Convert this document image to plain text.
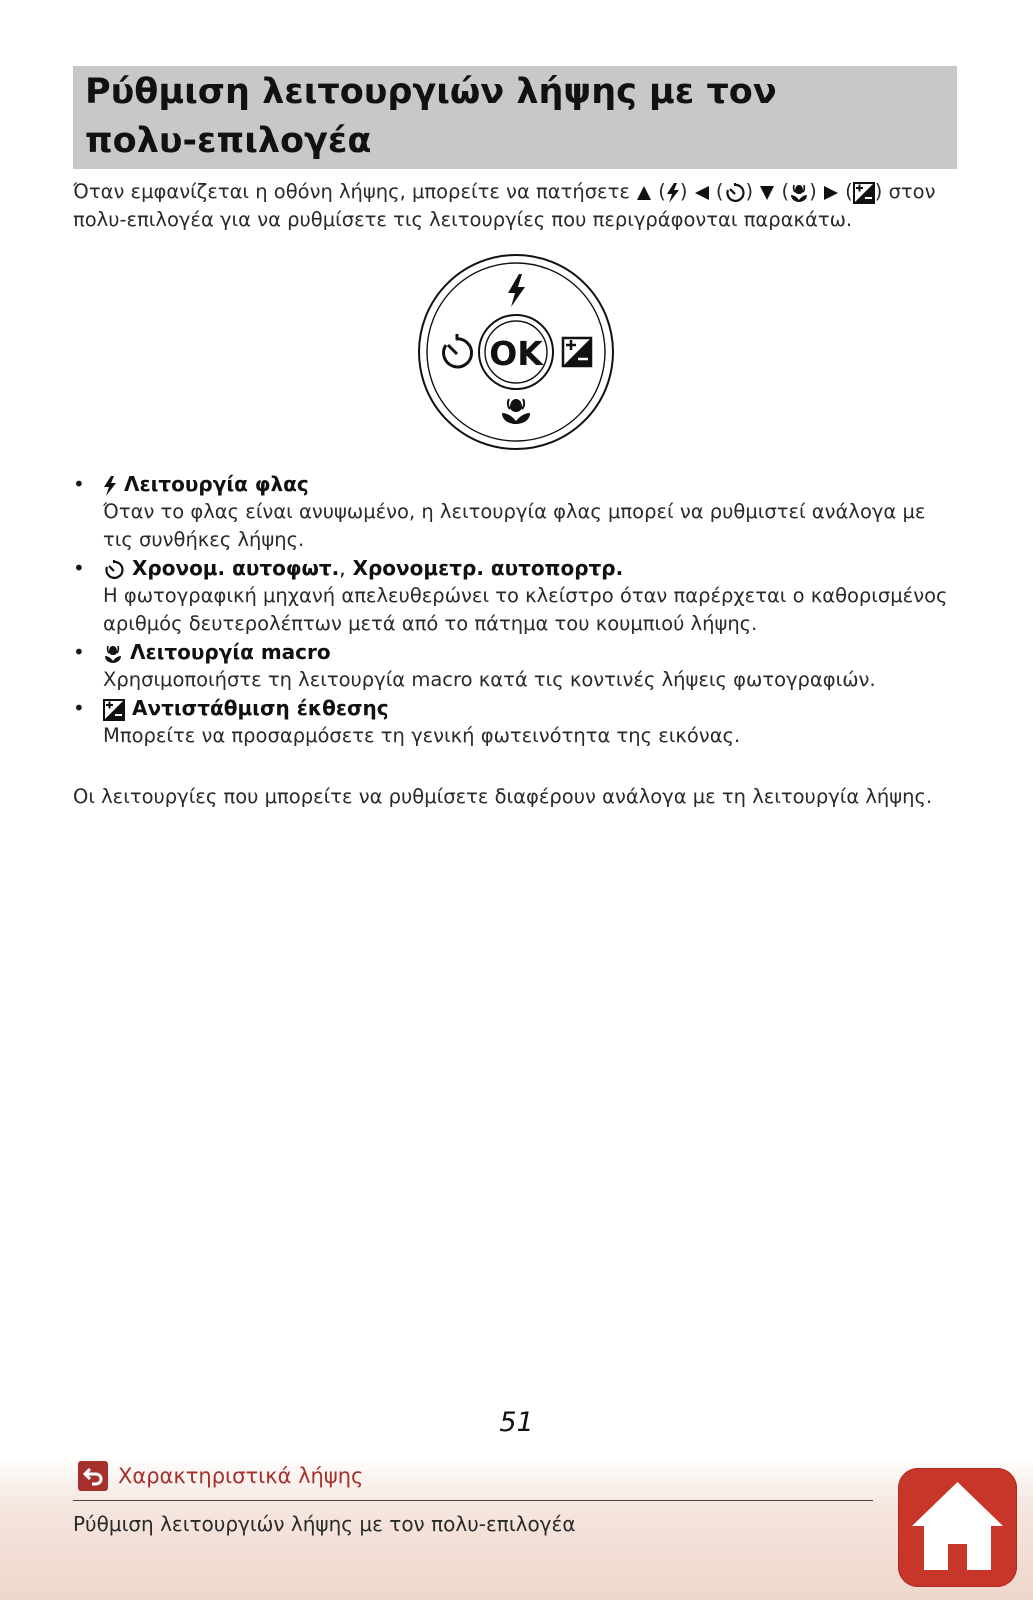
Ρύθμιση λειτουργιών λήψης με τον
πολυ-επιλογέα
Όταν εμφανίζεται η οθόνη λήψης, μπορείτε να πατήσετε
( )
( )
( )
( ) στον
πολυ-επιλογέα για να ρυθμίσετε τις λειτουργίες που περιγράφονται παρακάτω.
OK
•	Λειτουργία φλας
Όταν το φλας είναι ανυψωμένο, η λειτουργία φλας μπορεί να ρυθμιστεί ανάλογα με τις συνθήκες λήψης.
•	Χρονομ. αυτοφωτ., Χρονομετρ. αυτοπορτρ.
Η φωτογραφική μηχανή απελευθερώνει το κλείστρο όταν παρέρχεται ο καθορισμένος αριθμός δευτερολέπτων μετά από το πάτημα του κουμπιού λήψης.
•	Λειτουργία macro
Χρησιμοποιήστε τη λειτουργία macro κατά τις κοντινές λήψεις φωτογραφιών.
•	Αντιστάθμιση έκθεσης
Μπορείτε να προσαρμόσετε τη γενική φωτεινότητα της εικόνας.
Οι λειτουργίες που μπορείτε να ρυθμίσετε διαφέρουν ανάλογα με τη λειτουργία λήψης.
51
Χαρακτηριστικά λήψης
Ρύθμιση λειτουργιών λήψης με τον πολυ-επιλογέα
